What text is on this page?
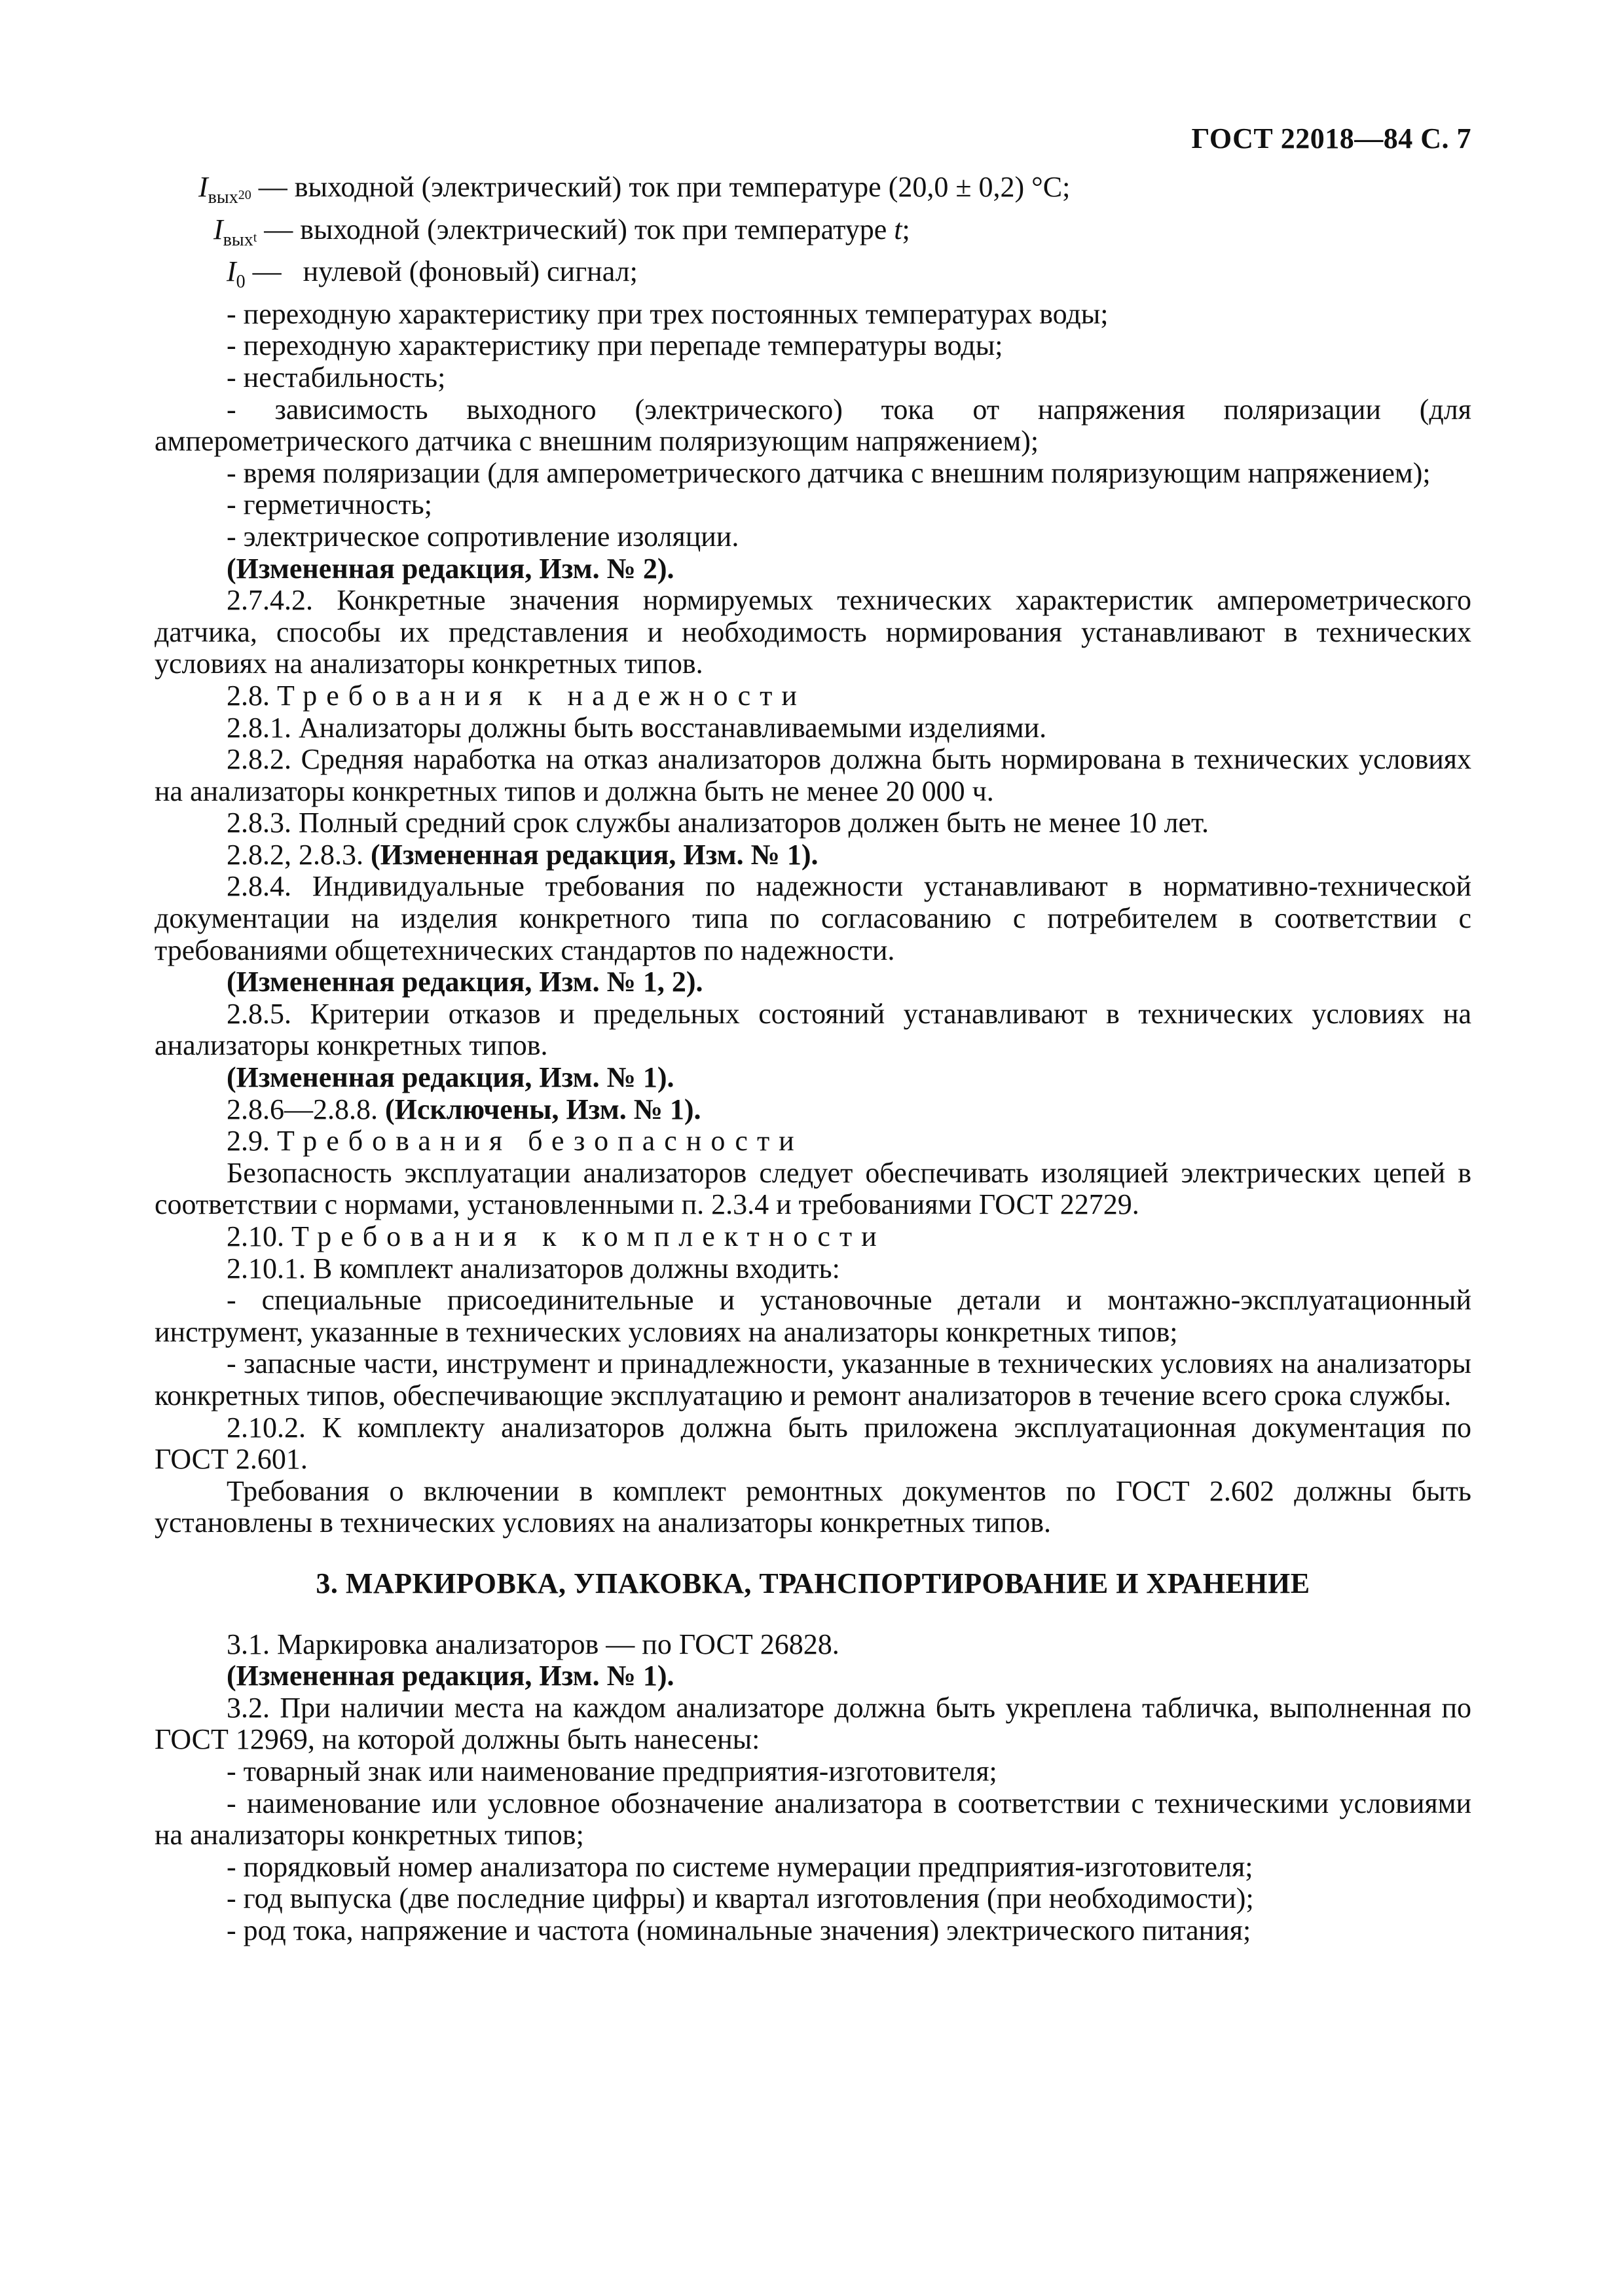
ГОСТ 22018—84 С. 7

$I_{вых}20$ — выходной (электрический) ток при температуре (20,0 ± 0,2) °С;

$I_{вых}t$ — выходной (электрический) ток при температуре t;

$I_0$ —   нулевой (фоновый) сигнал;

- переходную характеристику при трех постоянных температурах воды;

- переходную характеристику при перепаде температуры воды;

- нестабильность;

- зависимость выходного (электрического) тока от напряжения поляризации (для амперометрического датчика с внешним поляризующим напряжением);

- время поляризации (для амперометрического датчика с внешним поляризующим напряжением);

- герметичность;

- электрическое сопротивление изоляции.

(Измененная редакция, Изм. № 2).

2.7.4.2. Конкретные значения нормируемых технических характеристик амперометрического датчика, способы их представления и необходимость нормирования устанавливают в технических условиях на анализаторы конкретных типов.

2.8. Требования к надежности

2.8.1. Анализаторы должны быть восстанавливаемыми изделиями.

2.8.2. Средняя наработка на отказ анализаторов должна быть нормирована в технических условиях на анализаторы конкретных типов и должна быть не менее 20 000 ч.

2.8.3. Полный средний срок службы анализаторов должен быть не менее 10 лет.

2.8.2, 2.8.3. (Измененная редакция, Изм. № 1).

2.8.4. Индивидуальные требования по надежности устанавливают в нормативно-технической документации на изделия конкретного типа по согласованию с потребителем в соответствии с требованиями общетехнических стандартов по надежности.

(Измененная редакция, Изм. № 1, 2).

2.8.5. Критерии отказов и предельных состояний устанавливают в технических условиях на анализаторы конкретных типов.

(Измененная редакция, Изм. № 1).

2.8.6—2.8.8. (Исключены, Изм. № 1).

2.9. Требования безопасности

Безопасность эксплуатации анализаторов следует обеспечивать изоляцией электрических цепей в соответствии с нормами, установленными п. 2.3.4 и требованиями ГОСТ 22729.

2.10. Требования к комплектности

2.10.1. В комплект анализаторов должны входить:

- специальные присоединительные и установочные детали и монтажно-эксплуатационный инструмент, указанные в технических условиях на анализаторы конкретных типов;

- запасные части, инструмент и принадлежности, указанные в технических условиях на анализаторы конкретных типов, обеспечивающие эксплуатацию и ремонт анализаторов в течение всего срока службы.

2.10.2. К комплекту анализаторов должна быть приложена эксплуатационная документация по ГОСТ 2.601.

Требования о включении в комплект ремонтных документов по ГОСТ 2.602 должны быть установлены в технических условиях на анализаторы конкретных типов.

3. МАРКИРОВКА, УПАКОВКА, ТРАНСПОРТИРОВАНИЕ И ХРАНЕНИЕ

3.1. Маркировка анализаторов — по ГОСТ 26828.

(Измененная редакция, Изм. № 1).

3.2. При наличии места на каждом анализаторе должна быть укреплена табличка, выполненная по ГОСТ 12969, на которой должны быть нанесены:

- товарный знак или наименование предприятия-изготовителя;

- наименование или условное обозначение анализатора в соответствии с техническими условиями на анализаторы конкретных типов;

- порядковый номер анализатора по системе нумерации предприятия-изготовителя;

- год выпуска (две последние цифры) и квартал изготовления (при необходимости);

- род тока, напряжение и частота (номинальные значения) электрического питания;
